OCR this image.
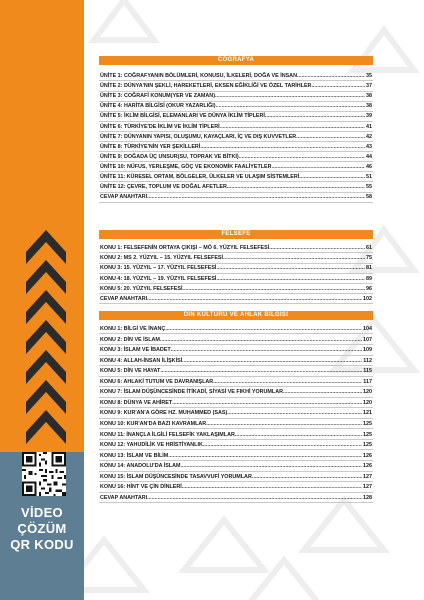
VİDEO
ÇÖZÜM
QR KODU
COĞRAFYA
ÜNİTE 1: COĞRAFYANIN BÖLÜMLERİ, KONUSU, İLKELERİ, DOĞA VE İNSAN .....	35
ÜNİTE 2: DÜNYA'NIN ŞEKLİ, HAREKETLERİ, EKSEN EĞİKLİĞİ VE ÖZEL TARİHLER .....	37
ÜNİTE 3: COĞRAFİ KONUM(YER VE ZAMAN) .....	38
ÜNİTE 4: HARİTA BİLGİSİ (OKUR YAZARLIĞI) .....	38
ÜNİTE 5: İKLİM BİLGİSİ, ELEMANLARI VE DÜNYA İKLİM TİPLERİ .....	39
ÜNİTE 6: TÜRKİYE'DE İKLİM VE İKLİM TİPLERİ .....	41
ÜNİTE 7: DÜNYANIN YAPISI, OLUŞUMU, KAYAÇLARI, İÇ VE DIŞ KUVVETLER .....	42
ÜNİTE 8: TÜRKİYE'NİN YER ŞEKİLLERİ .....	43
ÜNİTE 9: DOĞADA ÜÇ UNSUR(SU, TOPRAK VE BİTKİ) .....	44
ÜNİTE 10: NÜFUS, YERLEŞME, GÖÇ VE EKONOMİK FAALİYETLER .....	46
ÜNİTE 11: KÜRESEL ORTAM, BÖLGELER, ÜLKELER VE ULAŞIM SİSTEMLERİ .....	51
ÜNİTE 12: ÇEVRE, TOPLUM VE DOĞAL AFETLER .....	55
CEVAP ANAHTARI .....	58
FELSEFE
KONU 1: FELSEFENİN ORTAYA ÇIKIŞI – MÖ 6. YÜZYIL FELSEFESİ .....	61
KONU 2: MS 2. YÜZYIL – 15. YÜZYIL FELSEFESİ .....	75
KONU 3: 15. YÜZYIL – 17. YÜZYIL FELSEFESİ .....	81
KONU 4: 18. YÜZYIL – 19. YÜZYIL FELSEFESİ .....	89
KONU 5: 20. YÜZYIL FELSEFESİ .....	96
CEVAP ANAHTARI .....	102
DİN KÜLTÜRÜ VE AHLAK BİLGİSİ
KONU 1: BİLGİ VE İNANÇ .....	104
KONU 2: DİN VE İSLAM .....	107
KONU 3: İSLAM VE İBADET .....	109
KONU 4: ALLAH-İNSAN İLİŞKİSİ .....	112
KONU 5: DİN VE HAYAT .....	115
KONU 6: AHLAKİ TUTUM VE DAVRANIŞLAR .....	117
KONU 7: İSLAM DÜŞÜNCESİNDE İTİKADİ, SİYASİ VE FIKHİ YORUMLAR .....	120
KONU 8: DÜNYA VE AHİRET .....	120
KONU 9: KUR'AN'A GÖRE HZ. MUHAMMED (SAS) .....	121
KONU 10: KUR'AN'DA BAZI KAVRAMLAR .....	125
KONU 11: İNANÇLA İLGİLİ FELSEFİK YAKLAŞIMLAR .....	125
KONU 12: YAHUDİLİK VE HRİSTİYANLIK .....	125
KONU 13: İSLAM VE BİLİM .....	126
KONU 14: ANADOLU'DA İSLAM .....	126
KONU 15: İSLAM DÜŞÜNCESİNDE TASAVVUFİ YORUMLAR .....	127
KONU 16: HİNT VE ÇİN DİNLERİ .....	127
CEVAP ANAHTARI .....	128
